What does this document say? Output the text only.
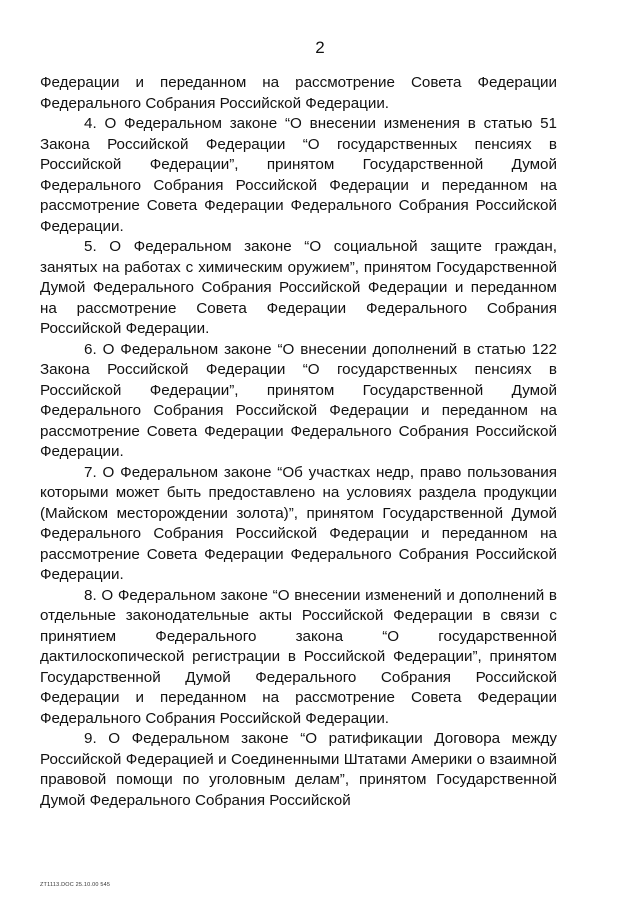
2

Федерации и переданном на рассмотрение Совета Федерации Федерального Собрания Российской Федерации.

4. О Федеральном законе “О внесении изменения в статью 51 Закона Российской Федерации “О государственных пенсиях в Российской Федерации”, принятом Государственной Думой Федерального Собрания Российской Федерации и переданном на рассмотрение Совета Федерации Федерального Собрания Российской Федерации.

5. О Федеральном законе “О социальной защите граждан, занятых на работах с химическим оружием”, принятом Государственной Думой Федерального Собрания Российской Федерации и переданном на рассмотрение Совета Федерации Федерального Собрания Российской Федерации.

6. О Федеральном законе “О внесении дополнений в статью 122 Закона Российской Федерации “О государственных пенсиях в Российской Федерации”, принятом Государственной Думой Федерального Собрания Российской Федерации и переданном на рассмотрение Совета Федерации Федерального Собрания Российской Федерации.

7. О Федеральном законе “Об участках недр, право пользования которыми может быть предоставлено на условиях раздела продукции (Майском месторождении золота)”, принятом Государственной Думой Федерального Собрания Российской Федерации и переданном на рассмотрение Совета Федерации Федерального Собрания Российской Федерации.

8. О Федеральном законе “О внесении изменений и дополнений в отдельные законодательные акты Российской Федерации в связи с принятием Федерального закона “О государственной дактилоскопической регистрации в Российской Федерации”, принятом Государственной Думой Федерального Собрания Российской Федерации и переданном на рассмотрение Совета Федерации Федерального Собрания Российской Федерации.

9. О Федеральном законе “О ратификации Договора между Российской Федерацией и Соединенными Штатами Америки о взаимной правовой помощи по уголовным делам”, принятом Государственной Думой Федерального Собрания Российской

ZT1113.DOC 25.10.00 545
